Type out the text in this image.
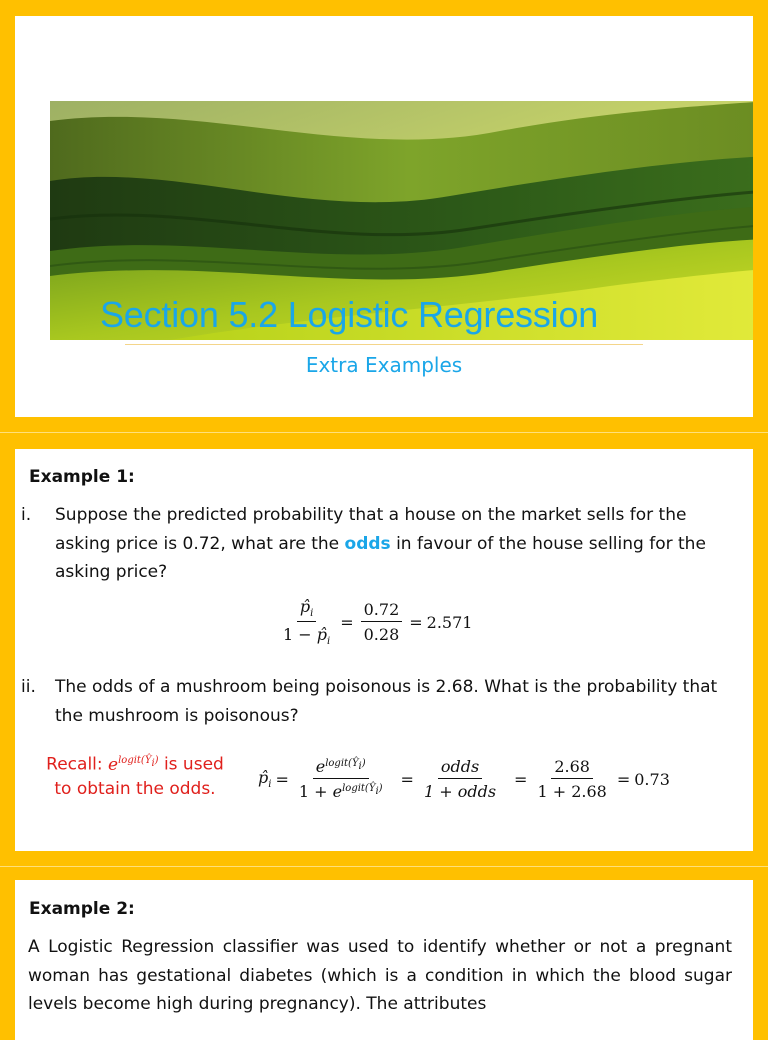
Section 5.2 Logistic Regression
Extra Examples
Example 1:
i. Suppose the predicted probability that a house on the market sells for the asking price is 0.72, what are the odds in favour of the house selling for the asking price?
$\frac{p̂_i}{1 - p̂_i} = \frac{0.72}{0.28} = 2.571$
ii. The odds of a mushroom being poisonous is 2.68. What is the probability that the mushroom is poisonous?
Recall: $e^{logit(Ŷ_i)}$ is used to obtain the odds.
$p̂_i = \frac{e^{logit(Ŷ_i)}}{1 + e^{logit(Ŷ_i)}} = \frac{\text{odds}}{\text{1 + odds}} = \frac{2.68}{1 + 2.68} = 0.73$
Example 2:
A Logistic Regression classifier was used to identify whether or not a pregnant woman has gestational diabetes (which is a condition in which the blood sugar levels become high during pregnancy). The attributes
